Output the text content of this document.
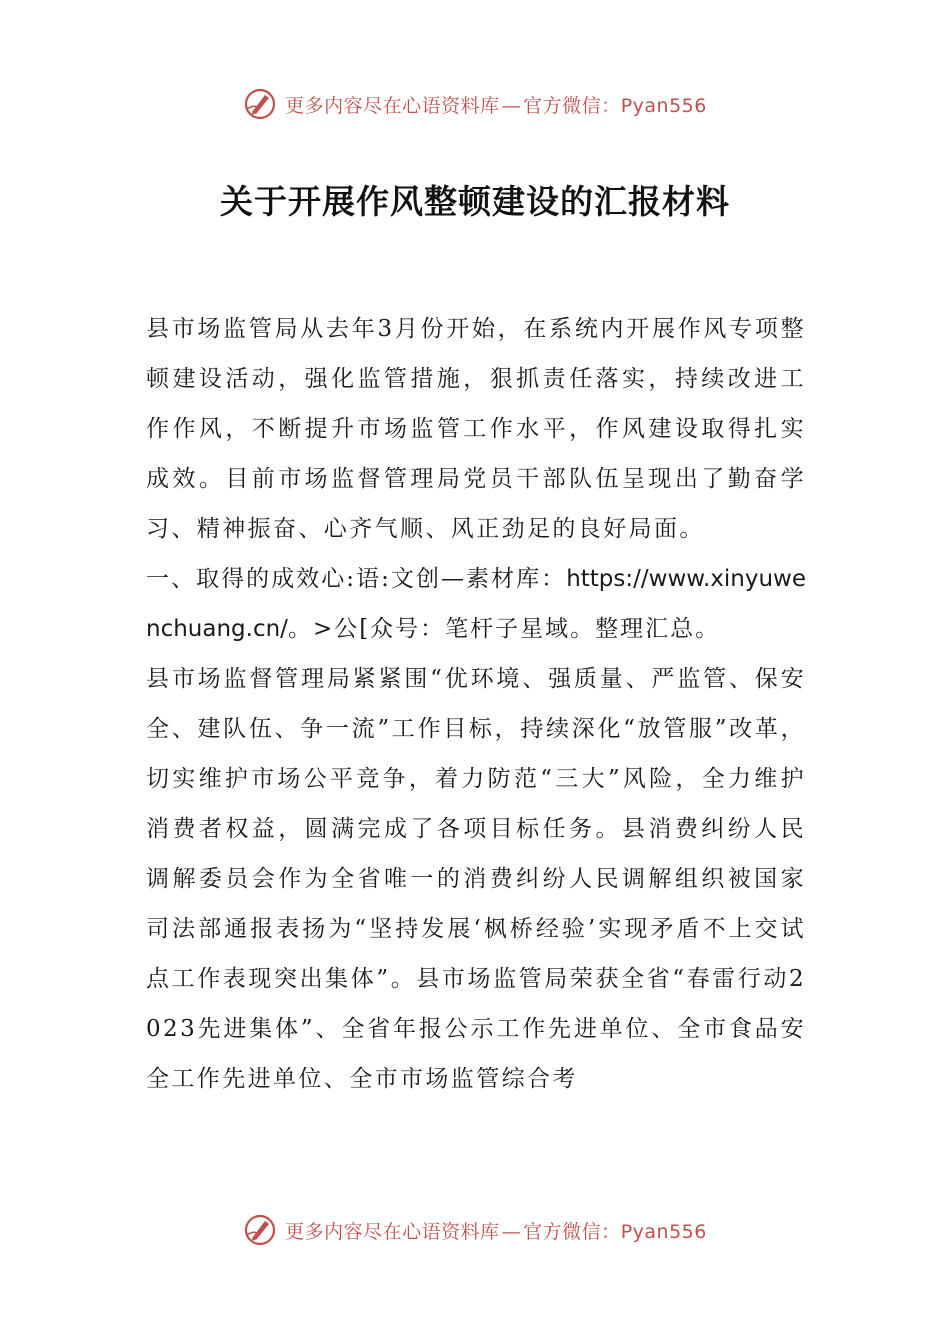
更多内容尽在心语资料库 — 官方微信：Pyan556
关于开展作风整顿建设的汇报材料

县市场监管局从去年3月份开始，在系统内开展作风专项整顿建设活动，强化监管措施，狠抓责任落实，持续改进工作作风，不断提升市场监管工作水平，作风建设取得扎实成效。目前市场监督管理局党员干部队伍呈现出了勤奋学习、精神振奋、心齐气顺、风正劲足的良好局面。

一、取得的成效心:语:文创—素材库：https://www.xinyuwenchuang.cn/。>公[众号：笔杆子星域。整理汇总。

县市场监督管理局紧紧围“优环境、强质量、严监管、保安全、建队伍、争一流”工作目标，持续深化“放管服”改革，切实维护市场公平竞争，着力防范“三大”风险，全力维护消费者权益，圆满完成了各项目标任务。县消费纠纷人民调解委员会作为全省唯一的消费纠纷人民调解组织被国家司法部通报表扬为“坚持发展‘枫桥经验’实现矛盾不上交试点工作表现突出集体”。县市场监管局荣获全省“春雷行动2023先进集体”、全省年报公示工作先进单位、全市食品安全工作先进单位、全市市场监管综合考

更多内容尽在心语资料库 — 官方微信：Pyan556
